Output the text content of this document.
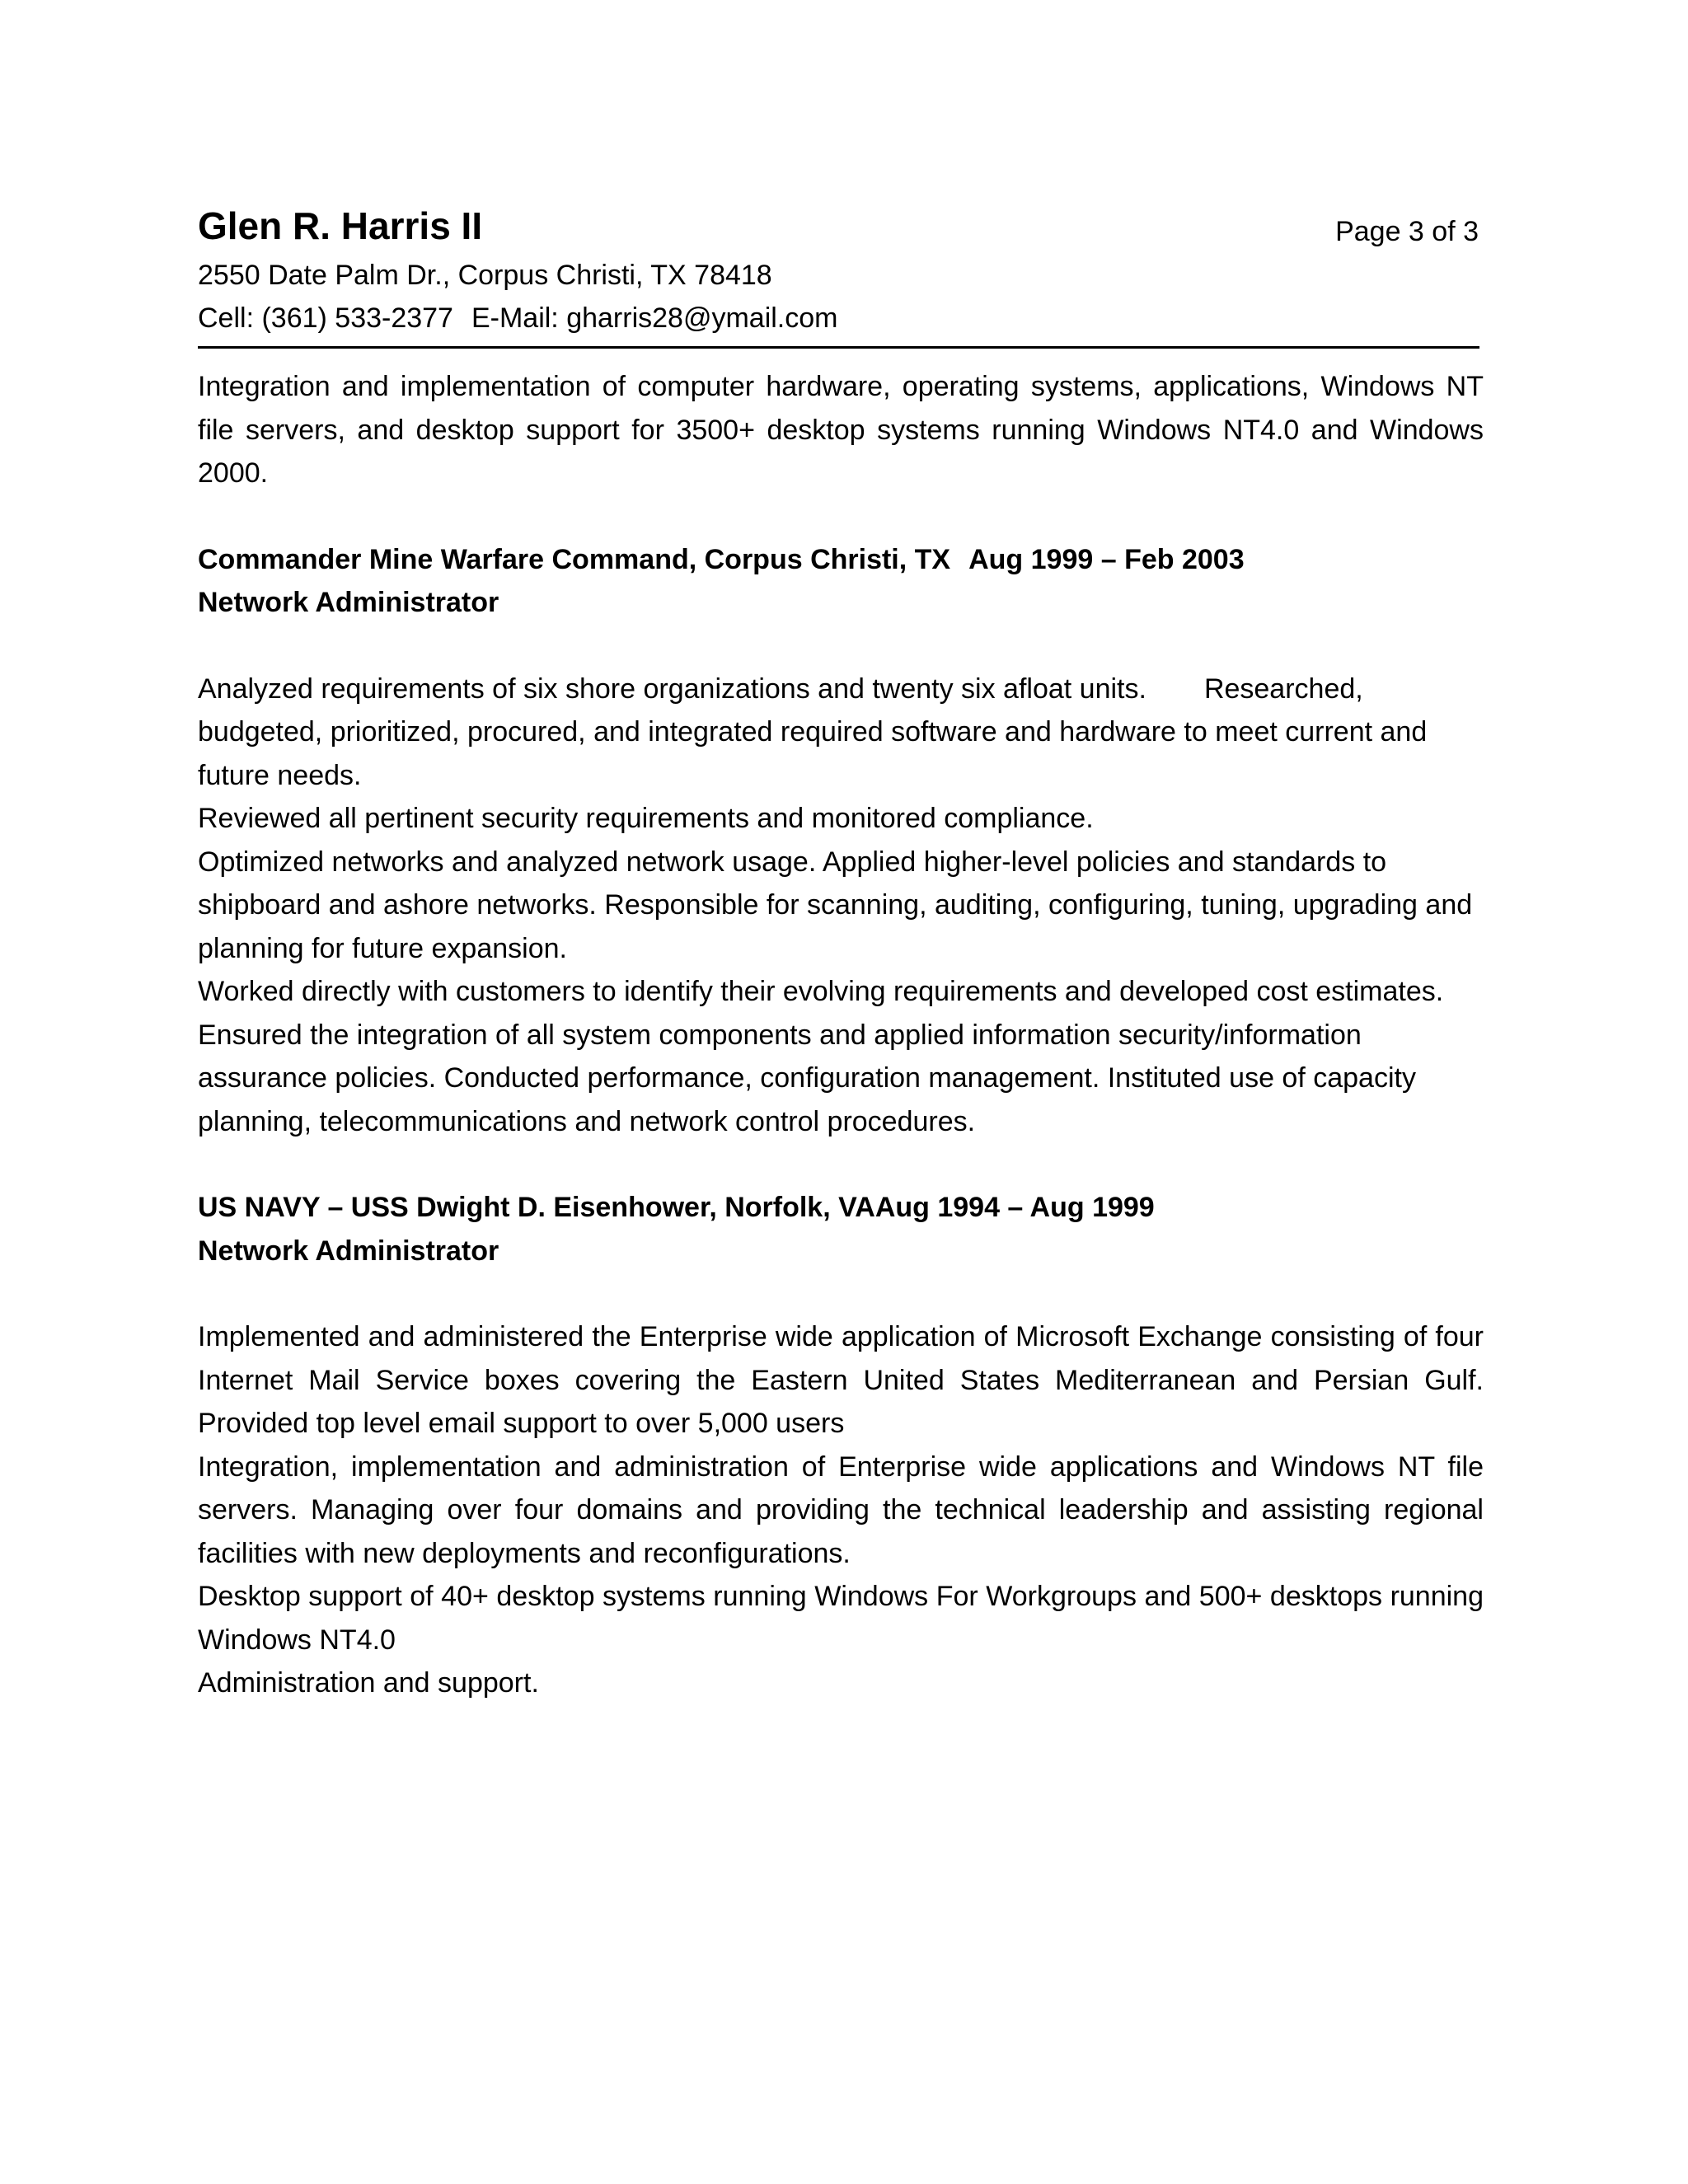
Glen R. Harris II	Page 3 of 3
2550 Date Palm Dr., Corpus Christi, TX 78418
Cell: (361) 533-2377 E-Mail: gharris28@ymail.com

Integration and implementation of computer hardware, operating systems, applications, Windows NT file servers, and desktop support for 3500+ desktop systems running Windows NT4.0 and Windows 2000.

Commander Mine Warfare Command, Corpus Christi, TX Aug 1999 – Feb 2003

Network Administrator

Analyzed requirements of six shore organizations and twenty six afloat units. Researched, budgeted, prioritized, procured, and integrated required software and hardware to meet current and future needs.

Reviewed all pertinent security requirements and monitored compliance.

Optimized networks and analyzed network usage. Applied higher-level policies and standards to shipboard and ashore networks. Responsible for scanning, auditing, configuring, tuning, upgrading and planning for future expansion.

Worked directly with customers to identify their evolving requirements and developed cost estimates.

Ensured the integration of all system components and applied information security/information assurance policies. Conducted performance, configuration management. Instituted use of capacity planning, telecommunications and network control procedures.

US NAVY – USS Dwight D. Eisenhower, Norfolk, VAAug 1994 – Aug 1999

Network Administrator

Implemented and administered the Enterprise wide application of Microsoft Exchange consisting of four Internet Mail Service boxes covering the Eastern United States Mediterranean and Persian Gulf. Provided top level email support to over 5,000 users

Integration, implementation and administration of Enterprise wide applications and Windows NT file servers. Managing over four domains and providing the technical leadership and assisting regional facilities with new deployments and reconfigurations.

Desktop support of 40+ desktop systems running Windows For Workgroups and 500+ desktops running Windows NT4.0

Administration and support.
